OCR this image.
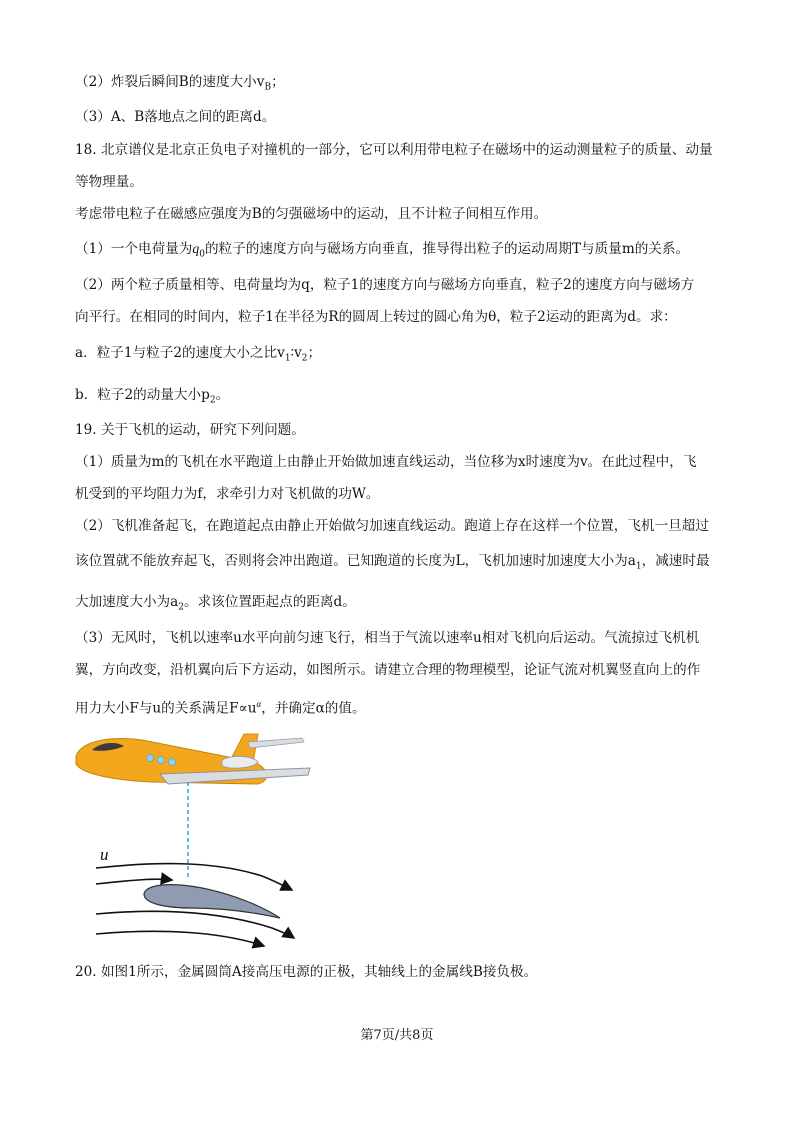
（2）炸裂后瞬间B的速度大小$v_B$；
（3）A、B落地点之间的距离d。
18. 北京谱仪是北京正负电子对撞机的一部分，它可以利用带电粒子在磁场中的运动测量粒子的质量、动量
等物理量。
考虑带电粒子在磁感应强度为B的匀强磁场中的运动，且不计粒子间相互作用。
（1）一个电荷量为$q_0$的粒子的速度方向与磁场方向垂直，推导得出粒子的运动周期T与质量m的关系。
（2）两个粒子质量相等、电荷量均为q，粒子1的速度方向与磁场方向垂直，粒子2的速度方向与磁场方
向平行。在相同的时间内，粒子1在半径为R的圆周上转过的圆心角为θ，粒子2运动的距离为d。求：
a．粒子1与粒子2的速度大小之比$v_1∶v_2$；
b．粒子2的动量大小$p_2$。
19. 关于飞机的运动，研究下列问题。
（1）质量为m的飞机在水平跑道上由静止开始做加速直线运动，当位移为x时速度为v。在此过程中，飞
机受到的平均阻力为f，求牵引力对飞机做的功W。
（2）飞机准备起飞，在跑道起点由静止开始做匀加速直线运动。跑道上存在这样一个位置，飞机一旦超过
该位置就不能放弃起飞，否则将会冲出跑道。已知跑道的长度为L，飞机加速时加速度大小为$a_1$，减速时最
大加速度大小为$a_2$。求该位置距起点的距离d。
（3）无风时，飞机以速率u水平向前匀速飞行，相当于气流以速率u相对飞机向后运动。气流掠过飞机机
翼，方向改变，沿机翼向后下方运动，如图所示。请建立合理的物理模型，论证气流对机翼竖直向上的作
用力大小F与u的关系满足$F\propto u^\alpha$，并确定α的值。
u
20. 如图1所示，金属圆筒A接高压电源的正极，其轴线上的金属线B接负极。
第7页/共8页
